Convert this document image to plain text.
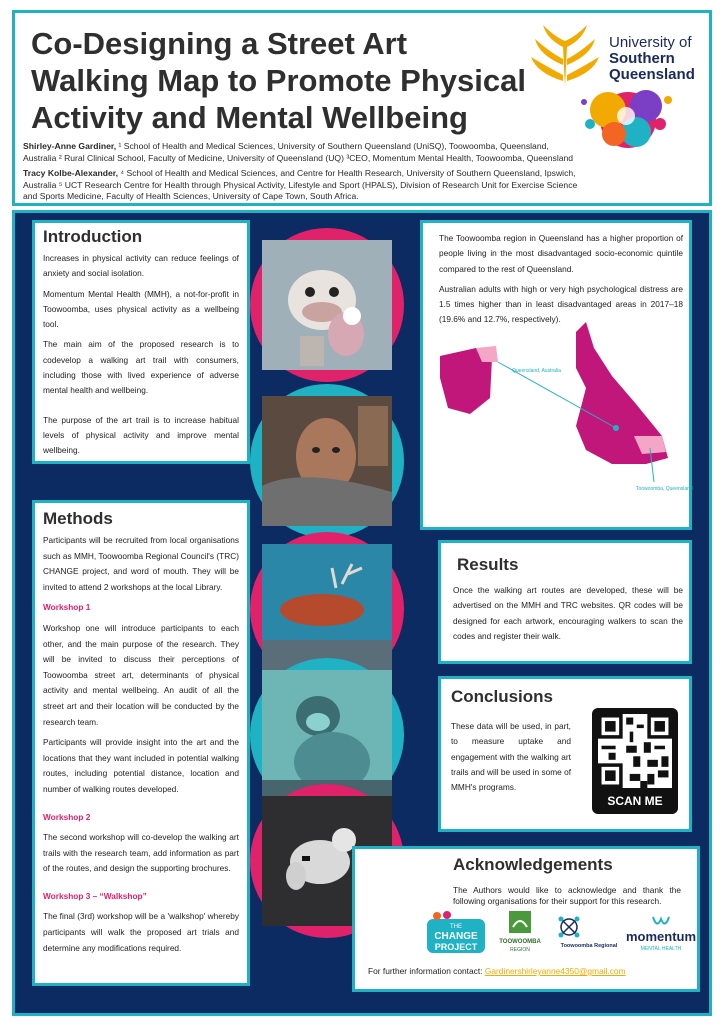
Co-Designing a Street Art
Walking Map to Promote Physical
Activity and Mental Wellbeing

Shirley-Anne Gardiner, ¹ School of Health and Medical Sciences, University of Southern Queensland (UniSQ), Toowoomba, Queensland, Australia ² Rural Clinical School, Faculty of Medicine, University of Queensland (UQ) ³CEO, Momentum Mental Health, Toowoomba, Queensland

Tracy Kolbe-Alexander, ⁴ School of Health and Medical Sciences, and Centre for Health Research, University of Southern Queensland, Ipswich, Australia ⁵ UCT Research Centre for Health through Physical Activity, Lifestyle and Sport (HPALS), Division of Research Unit for Exercise Science and Sports Medicine, Faculty of Health Sciences, University of Cape Town, South Africa.

University of
Southern
Queensland
Introduction

Increases in physical activity can reduce feelings of anxiety and social isolation.

Momentum Mental Health (MMH), a not-for-profit in Toowoomba, uses physical activity as a wellbeing tool.

The main aim of the proposed research is to codevelop a walking art trail with consumers, including those with lived experience of adverse mental health and wellbeing.

The purpose of the art trail is to increase habitual levels of physical activity and improve mental wellbeing.

Methods

Participants will be recruited from local organisations such as MMH, Toowoomba Regional Council's (TRC) CHANGE project, and word of mouth. They will be invited to attend 2 workshops at the local Library.

Workshop 1

Workshop one will introduce participants to each other, and the main purpose of the research. They will be invited to discuss their perceptions of Toowoomba street art, determinants of physical activity and mental wellbeing. An audit of all the street art and their location will be conducted by the research team.

Participants will provide insight into the art and the locations that they want included in potential walking routes, including potential distance, location and number of walking routes developed.

Workshop 2

The second workshop will co-develop the walking art trails with the research team, add information as part of the routes, and design the supporting brochures.

Workshop 3 – “Walkshop”

The final (3rd) workshop will be a 'walkshop' whereby participants will walk the proposed art trials and determine any modifications required.

The Toowoomba region in Queensland has a higher proportion of people living in the most disadvantaged socio-economic quintile compared to the rest of Queensland.

Australian adults with high or very high psychological distress are 1.5 times higher than in least disadvantaged areas in 2017–18 (19.6% and 12.7%, respectively).

Queensland, Australia
Toowoomba, Queensland
Results
Once the walking art routes are developed, these will be advertised on the MMH and TRC websites. QR codes will be designed for each artwork, encouraging walkers to scan the codes and register their walk.
Conclusions
These data will be used, in part, to measure uptake and engagement with the walking art trails and will be used in some of MMH's programs.
SCAN ME
Acknowledgements
The Authors would like to acknowledge and thank the following organisations for their support for this research.
THE
CHANGE
PROJECT	TOOWOOMBA
REGION
Toowoomba Regional
momentum
MENTAL HEALTH
For further information contact: Gardinershirleyanne4350@gmail.com
